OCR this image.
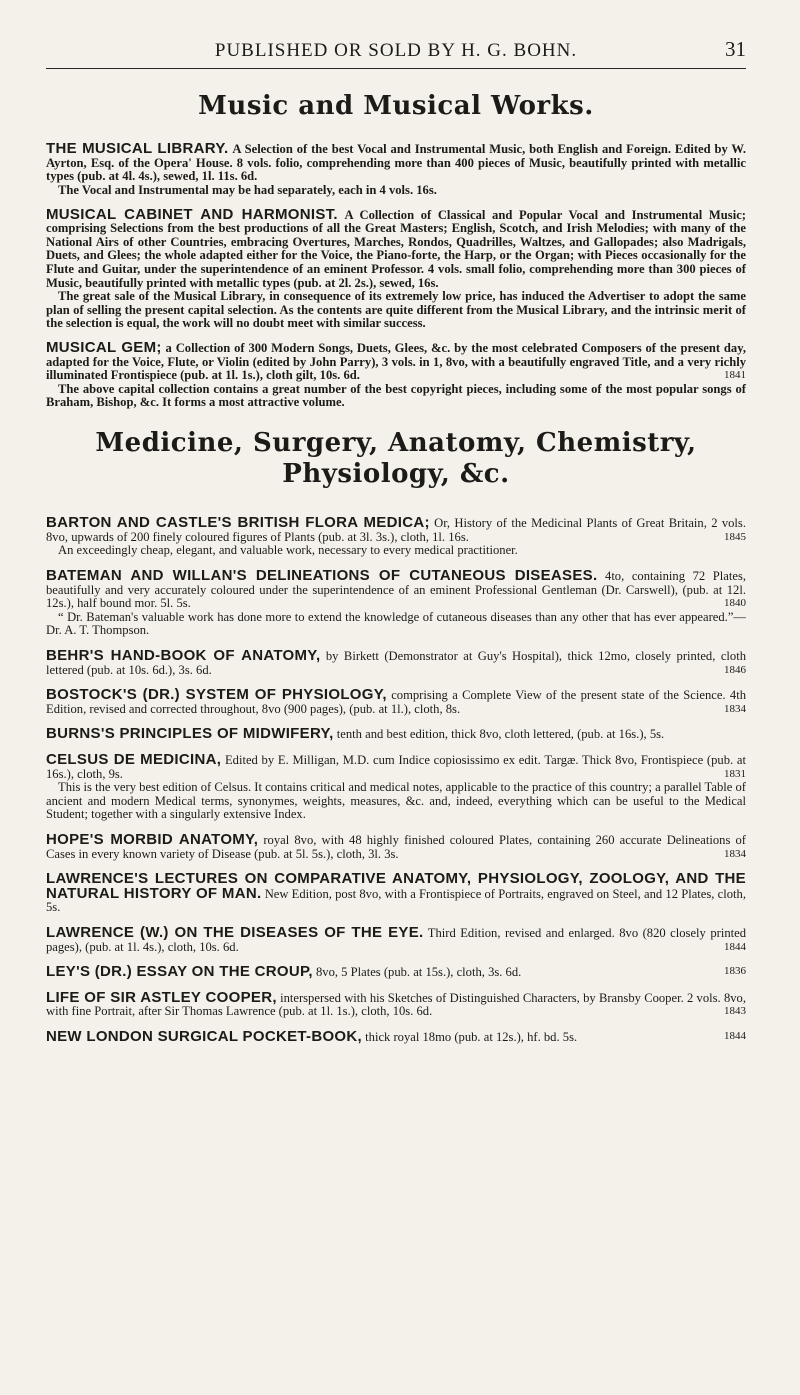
PUBLISHED OR SOLD BY H. G. BOHN.	31
Music and Musical Works.

THE MUSICAL LIBRARY. A Selection of the best Vocal and Instrumental Music, both English and Foreign. Edited by W. Ayrton, Esq. of the Opera' House. 8 vols. folio, comprehending more than 400 pieces of Music, beautifully printed with metallic types (pub. at 4l. 4s.), sewed, 1l. 11s. 6d.

The Vocal and Instrumental may be had separately, each in 4 vols. 16s.

MUSICAL CABINET AND HARMONIST. A Collection of Classical and Popular Vocal and Instrumental Music; comprising Selections from the best productions of all the Great Masters; English, Scotch, and Irish Melodies; with many of the National Airs of other Countries, embracing Overtures, Marches, Rondos, Quadrilles, Waltzes, and Gallopades; also Madrigals, Duets, and Glees; the whole adapted either for the Voice, the Piano-forte, the Harp, or the Organ; with Pieces occasionally for the Flute and Guitar, under the superintendence of an eminent Professor. 4 vols. small folio, comprehending more than 300 pieces of Music, beautifully printed with metallic types (pub. at 2l. 2s.), sewed, 16s.

The great sale of the Musical Library, in consequence of its extremely low price, has induced the Advertiser to adopt the same plan of selling the present capital selection. As the contents are quite different from the Musical Library, and the intrinsic merit of the selection is equal, the work will no doubt meet with similar success.

MUSICAL GEM; a Collection of 300 Modern Songs, Duets, Glees, &c. by the most celebrated Composers of the present day, adapted for the Voice, Flute, or Violin (edited by John Parry), 3 vols. in 1, 8vo, with a beautifully engraved Title, and a very richly illuminated Frontispiece (pub. at 1l. 1s.), cloth gilt, 10s. 6d.	1841

The above capital collection contains a great number of the best copyright pieces, including some of the most popular songs of Braham, Bishop, &c. It forms a most attractive volume.

Medicine, Surgery, Anatomy, Chemistry,
Physiology, &c.

BARTON AND CASTLE'S BRITISH FLORA MEDICA; Or, History of the Medicinal Plants of Great Britain, 2 vols. 8vo, upwards of 200 finely coloured figures of Plants (pub. at 3l. 3s.), cloth, 1l. 16s.	1845

An exceedingly cheap, elegant, and valuable work, necessary to every medical practitioner.

BATEMAN AND WILLAN'S DELINEATIONS OF CUTANEOUS DISEASES. 4to, containing 72 Plates, beautifully and very accurately coloured under the superintendence of an eminent Professional Gentleman (Dr. Carswell), (pub. at 12l. 12s.), half bound mor. 5l. 5s.	1840

“ Dr. Bateman's valuable work has done more to extend the knowledge of cutaneous diseases than any other that has ever appeared.”—Dr. A. T. Thompson.

BEHR'S HAND-BOOK OF ANATOMY, by Birkett (Demonstrator at Guy's Hospital), thick 12mo, closely printed, cloth lettered (pub. at 10s. 6d.), 3s. 6d.	1846

BOSTOCK'S (DR.) SYSTEM OF PHYSIOLOGY, comprising a Complete View of the present state of the Science. 4th Edition, revised and corrected throughout, 8vo (900 pages), (pub. at 1l.), cloth, 8s.	1834

BURNS'S PRINCIPLES OF MIDWIFERY, tenth and best edition, thick 8vo, cloth lettered, (pub. at 16s.), 5s.

CELSUS DE MEDICINA, Edited by E. Milligan, M.D. cum Indice copiosissimo ex edit. Targæ. Thick 8vo, Frontispiece (pub. at 16s.), cloth, 9s.	1831

This is the very best edition of Celsus. It contains critical and medical notes, applicable to the practice of this country; a parallel Table of ancient and modern Medical terms, synonymes, weights, measures, &c. and, indeed, everything which can be useful to the Medical Student; together with a singularly extensive Index.

HOPE'S MORBID ANATOMY, royal 8vo, with 48 highly finished coloured Plates, containing 260 accurate Delineations of Cases in every known variety of Disease (pub. at 5l. 5s.), cloth, 3l. 3s.	1834

LAWRENCE'S LECTURES ON COMPARATIVE ANATOMY, PHYSIOLOGY, ZOOLOGY, AND THE NATURAL HISTORY OF MAN. New Edition, post 8vo, with a Frontispiece of Portraits, engraved on Steel, and 12 Plates, cloth, 5s.

LAWRENCE (W.) ON THE DISEASES OF THE EYE. Third Edition, revised and enlarged. 8vo (820 closely printed pages), (pub. at 1l. 4s.), cloth, 10s. 6d.	1844

LEY'S (DR.) ESSAY ON THE CROUP, 8vo, 5 Plates (pub. at 15s.), cloth, 3s. 6d.	1836

LIFE OF SIR ASTLEY COOPER, interspersed with his Sketches of Distinguished Characters, by Bransby Cooper. 2 vols. 8vo, with fine Portrait, after Sir Thomas Lawrence (pub. at 1l. 1s.), cloth, 10s. 6d.	1843

NEW LONDON SURGICAL POCKET-BOOK, thick royal 18mo (pub. at 12s.), hf. bd. 5s.	1844
